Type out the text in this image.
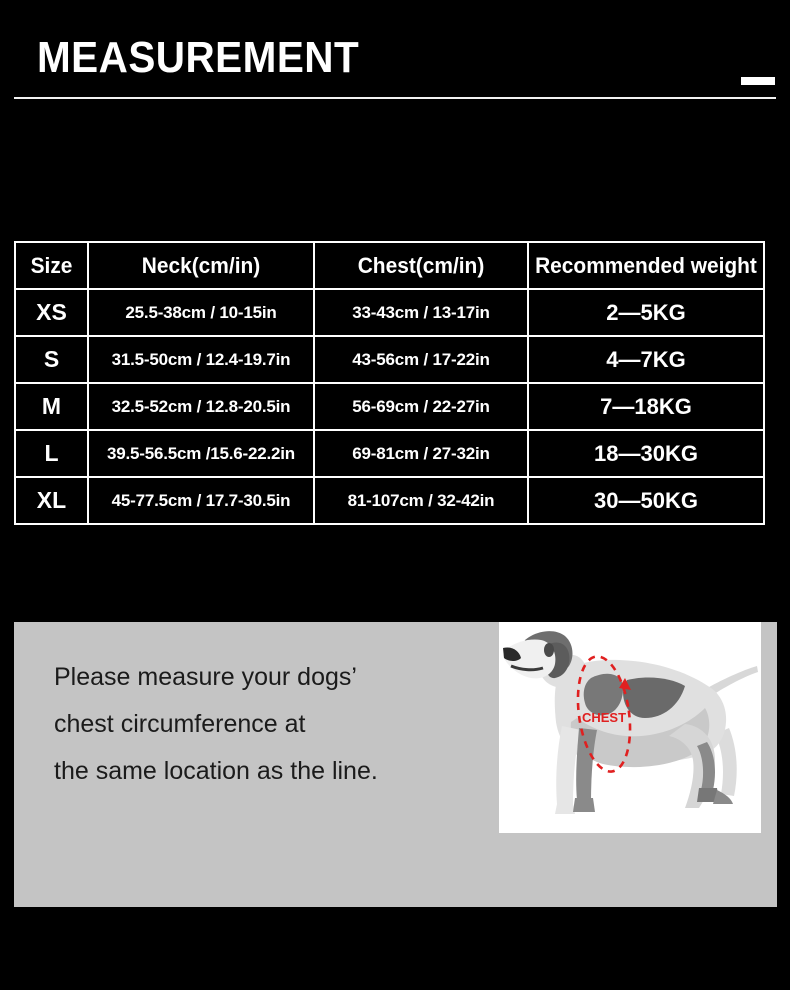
MEASUREMENT
Size	Neck(cm/in)	Chest(cm/in)	Recommended weight

XS	25.5-38cm / 10-15in	33-43cm / 13-17in	2—5KG
S	31.5-50cm / 12.4-19.7in	43-56cm / 17-22in	4—7KG
M	32.5-52cm / 12.8-20.5in	56-69cm / 22-27in	7—18KG
L	39.5-56.5cm /15.6-22.2in	69-81cm / 27-32in	18—30KG
XL	45-77.5cm / 17.7-30.5in	81-107cm / 32-42in	30—50KG
Please measure your dogs’
chest circumference at
the same location as the line.
CHEST
